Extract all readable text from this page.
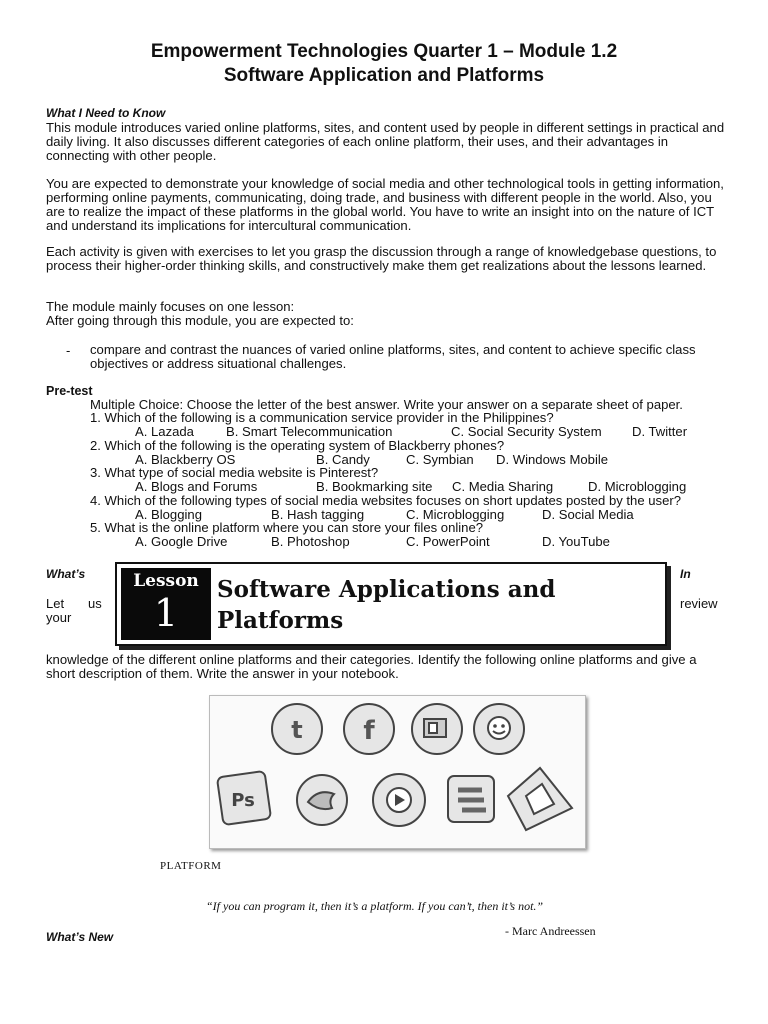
Empowerment Technologies Quarter 1 – Module 1.2
Software Application and Platforms
What I Need to Know

This module introduces varied online platforms, sites, and content used by people in different settings in practical and daily living. It also discusses different categories of each online platform, their uses, and their advantages in connecting with other people.

You are expected to demonstrate your knowledge of social media and other technological tools in getting information, performing online payments, communicating, doing trade, and business with different people in the world. Also, you are to realize the impact of these platforms in the global world. You have to write an insight into on the nature of ICT and understand its implications for intercultural communication.

Each activity is given with exercises to let you grasp the discussion through a range of knowledgebase questions, to process their higher-order thinking skills, and constructively make them get realizations about the lessons learned.

The module mainly focuses on one lesson:

After going through this module, you are expected to:

- compare and contrast the nuances of varied online platforms, sites, and content to achieve specific class objectives or address situational challenges.

Pre-test
Multiple Choice: Choose the letter of the best answer. Write your answer on a separate sheet of paper.
1. Which of the following is a communication service provider in the Philippines?
A. Lazada B. Smart Telecommunication	C. Social Security System D. Twitter
2. Which of the following is the operating system of Blackberry phones?
A. Blackberry OS	B. Candy	C. Symbian D. Windows Mobile
3. What type of social media website is Pinterest?
A. Blogs and Forums	B. Bookmarking site C. Media Sharing	D. Microblogging
4. Which of the following types of social media websites focuses on short updates posted by the user?
A. Blogging	B. Hash tagging	C. Microblogging	D. Social Media
5. What is the online platform where you can store your files online?
A. Google Drive	B. Photoshop	C. PowerPoint	D. YouTube
What’s	In
Let us
your
review
Lesson
1
Software Applications and
Platforms

knowledge of the different online platforms and their categories. Identify the following online platforms and give a short description of them. Write the answer in your notebook.

t f
Ps
PLATFORM
“If you can program it, then it’s a platform. If you can’t, then it’s not.”
- Marc Andreessen
What’s New
